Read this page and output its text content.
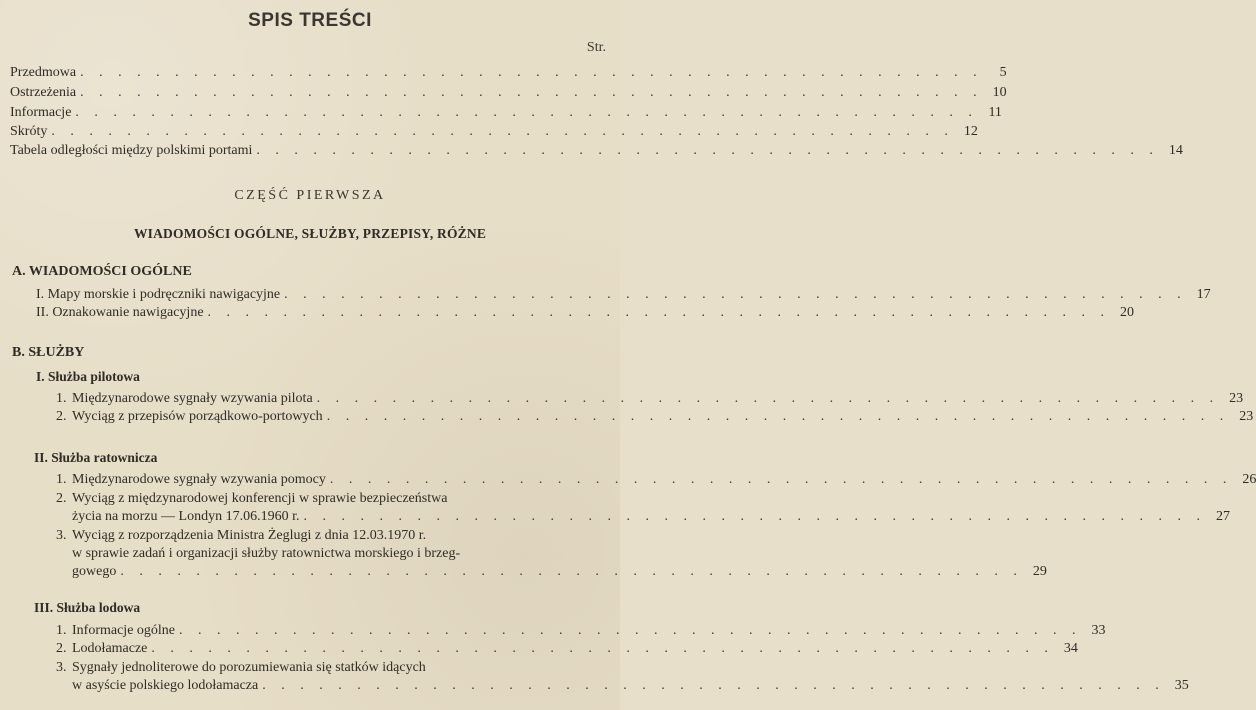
SPIS TREŚCI
Str.
Przedmowa . . . . . . . . . . . . . . . . . . . . . . . . . . . . . . . . . . . . . . . . . . . . . . . .	5
Ostrzeżenia . . . . . . . . . . . . . . . . . . . . . . . . . . . . . . . . . . . . . . . . . . . . . . . . 10
Informacje . . . . . . . . . . . . . . . . . . . . . . . . . . . . . . . . . . . . . . . . . . . . . . . . 11
Skróty . . . . . . . . . . . . . . . . . . . . . . . . . . . . . . . . . . . . . . . . . . . . . . . . 12
Tabela odległości między polskimi portami . . . . . . . . . . . . . . . . . . . . . . . . . . . . . . . . . . . . . . . . . . . . . . . . 14
CZĘŚĆ PIERWSZA
WIADOMOŚCI OGÓLNE, SŁUŻBY, PRZEPISY, RÓŻNE
A. WIADOMOŚCI OGÓLNE
I. Mapy morskie i podręczniki nawigacyjne . . . . . . . . . . . . . . . . . . . . . . . . . . . . . . . . . . . . . . . . . . . . . . . . 17
II. Oznakowanie nawigacyjne . . . . . . . . . . . . . . . . . . . . . . . . . . . . . . . . . . . . . . . . . . . . . . . . 20
B. SŁUŻBY
I. Służba pilotowa
1. Międzynarodowe sygnały wzywania pilota . . . . . . . . . . . . . . . . . . . . . . . . . . . . . . . . . . . . . . . . . . . . . . . . 23
2. Wyciąg z przepisów porządkowo-portowych . . . . . . . . . . . . . . . . . . . . . . . . . . . . . . . . . . . . . . . . . . . . . . . . 23
II. Służba ratownicza
1. Międzynarodowe sygnały wzywania pomocy . . . . . . . . . . . . . . . . . . . . . . . . . . . . . . . . . . . . . . . . . . . . . . . . 26
2. Wyciąg z międzynarodowej konferencji w sprawie bezpieczeństwa
życia na morzu — Londyn 17.06.1960 r. . . . . . . . . . . . . . . . . . . . . . . . . . . . . . . . . . . . . . . . . . . . . . . . . 27
3. Wyciąg z rozporządzenia Ministra Żeglugi z dnia 12.03.1970 r.
w sprawie zadań i organizacji służby ratownictwa morskiego i brzeg-
gowego . . . . . . . . . . . . . . . . . . . . . . . . . . . . . . . . . . . . . . . . . . . . . . . . 29
III. Służba lodowa
1. Informacje ogólne . . . . . . . . . . . . . . . . . . . . . . . . . . . . . . . . . . . . . . . . . . . . . . . . 33
2. Lodołamacze . . . . . . . . . . . . . . . . . . . . . . . . . . . . . . . . . . . . . . . . . . . . . . . . 34
3. Sygnały jednoliterowe do porozumiewania się statków idących
w asyście polskiego lodołamacza . . . . . . . . . . . . . . . . . . . . . . . . . . . . . . . . . . . . . . . . . . . . . . . . 35
